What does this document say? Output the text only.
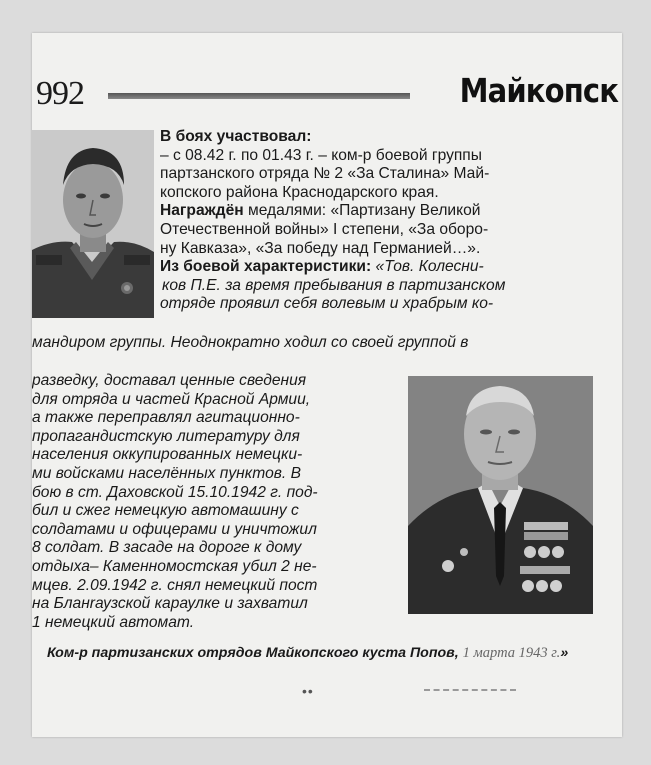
992	Майкопск
В боях участвовал:
– с 08.42 г. по 01.43 г. – ком-р боевой группы
партзанского отряда № 2 «За Сталина» Май-
копского района Краснодарского края.
Награждён медалями: «Партизану Великой
Отечественной войны» I степени, «За оборо-
ну Кавказа», «За победу над Германией…».
Из боевой характеристики: «Тов. Колесни-
ков П.Е. за время пребывания в партизанском
отряде проявил себя волевым и храбрым ко-
мандиром группы. Неоднократно ходил со своей группой в
разведку, доставал ценные сведения
для отряда и частей Красной Армии,
а также переправлял агитационно-
пропагандистскую литературу для
населения оккупированных немецки-
ми войсками населённых пунктов. В
бою в ст. Даховской 15.10.1942 г. под-
бил и сжег немецкую автомашину с
солдатами и офицерами и уничтожил
8 солдат. В засаде на дороге к дому
отдыха– Каменномостская убил 2 не-
мцев. 2.09.1942 г. снял немецкий пост
на Бланrаузской караулке и захватил
1 немецкий автомат.
Ком-р партизанских отрядов Майкопского куста Попов, 1 марта 1943 г.»
••
